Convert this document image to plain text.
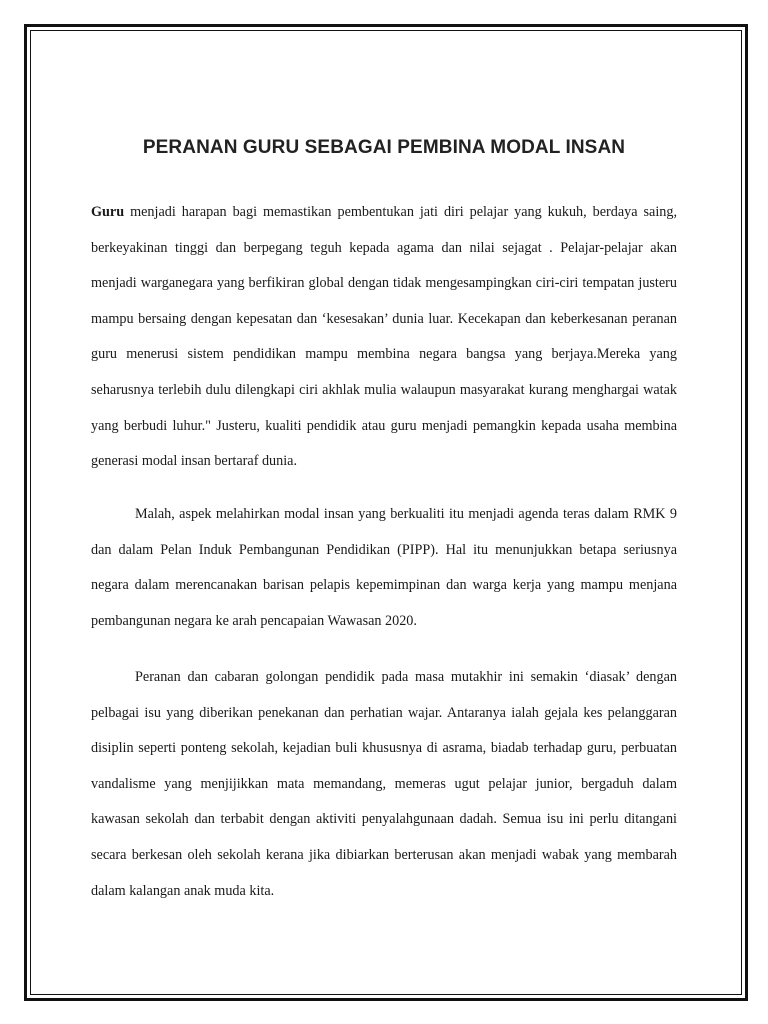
PERANAN GURU SEBAGAI PEMBINA MODAL INSAN

Guru menjadi harapan bagi memastikan pembentukan jati diri pelajar yang kukuh, berdaya saing, berkeyakinan tinggi dan berpegang teguh kepada agama dan nilai sejagat . Pelajar-pelajar akan menjadi warganegara yang berfikiran global dengan tidak mengesampingkan ciri-ciri tempatan justeru mampu bersaing dengan kepesatan dan ‘kesesakan’ dunia luar. Kecekapan dan keberkesanan peranan guru menerusi sistem pendidikan mampu membina negara bangsa yang berjaya.Mereka yang seharusnya terlebih dulu dilengkapi ciri akhlak mulia walaupun masyarakat kurang menghargai watak yang berbudi luhur." Justeru, kualiti pendidik atau guru menjadi pemangkin kepada usaha membina generasi modal insan bertaraf dunia.

Malah, aspek melahirkan modal insan yang berkualiti itu menjadi agenda teras dalam RMK 9 dan dalam Pelan Induk Pembangunan Pendidikan (PIPP). Hal itu menunjukkan betapa seriusnya negara dalam merencanakan barisan pelapis kepemimpinan dan warga kerja yang mampu menjana pembangunan negara ke arah pencapaian Wawasan 2020.

Peranan dan cabaran golongan pendidik pada masa mutakhir ini semakin ‘diasak’ dengan pelbagai isu yang diberikan penekanan dan perhatian wajar. Antaranya ialah gejala kes pelanggaran disiplin seperti ponteng sekolah, kejadian buli khususnya di asrama, biadab terhadap guru, perbuatan vandalisme yang menjijikkan mata memandang, memeras ugut pelajar junior, bergaduh dalam kawasan sekolah dan terbabit dengan aktiviti penyalahgunaan dadah. Semua isu ini perlu ditangani secara berkesan oleh sekolah kerana jika dibiarkan berterusan akan menjadi wabak yang membarah dalam kalangan anak muda kita.
